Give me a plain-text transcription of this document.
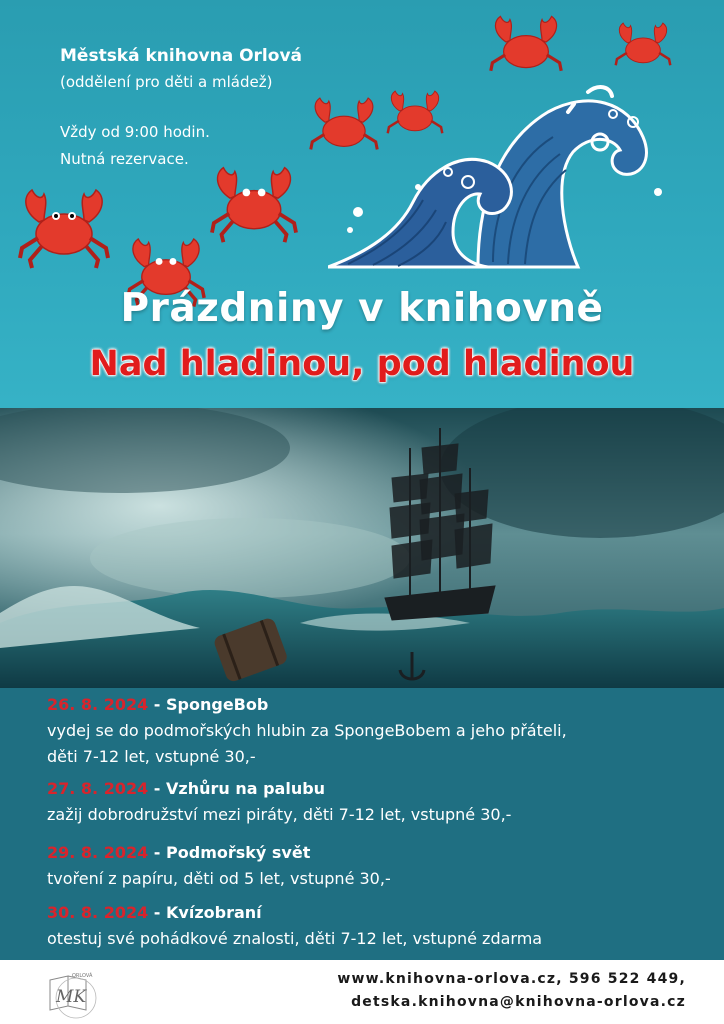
Městská knihovna Orlová
(oddělení pro děti a mládež)
Vždy od 9:00 hodin.
Nutná rezervace.
Prázdniny v knihovně
Nad hladinou, pod hladinou
26. 8. 2024 - SpongeBob
vydej se do podmořských hlubin za SpongeBobem a jeho přáteli,
děti 7-12 let, vstupné 30,-
27. 8. 2024 - Vzhůru na palubu
zažij dobrodružství mezi piráty, děti 7-12 let, vstupné 30,-
29. 8. 2024 - Podmořský svět
tvoření z papíru, děti od 5 let, vstupné 30,-
30. 8. 2024 - Kvízobraní
otestuj své pohádkové znalosti, děti 7-12 let, vstupné zdarma
ORLOVÁ
MK
www.knihovna-orlova.cz, 596 522 449,
detska.knihovna@knihovna-orlova.cz
